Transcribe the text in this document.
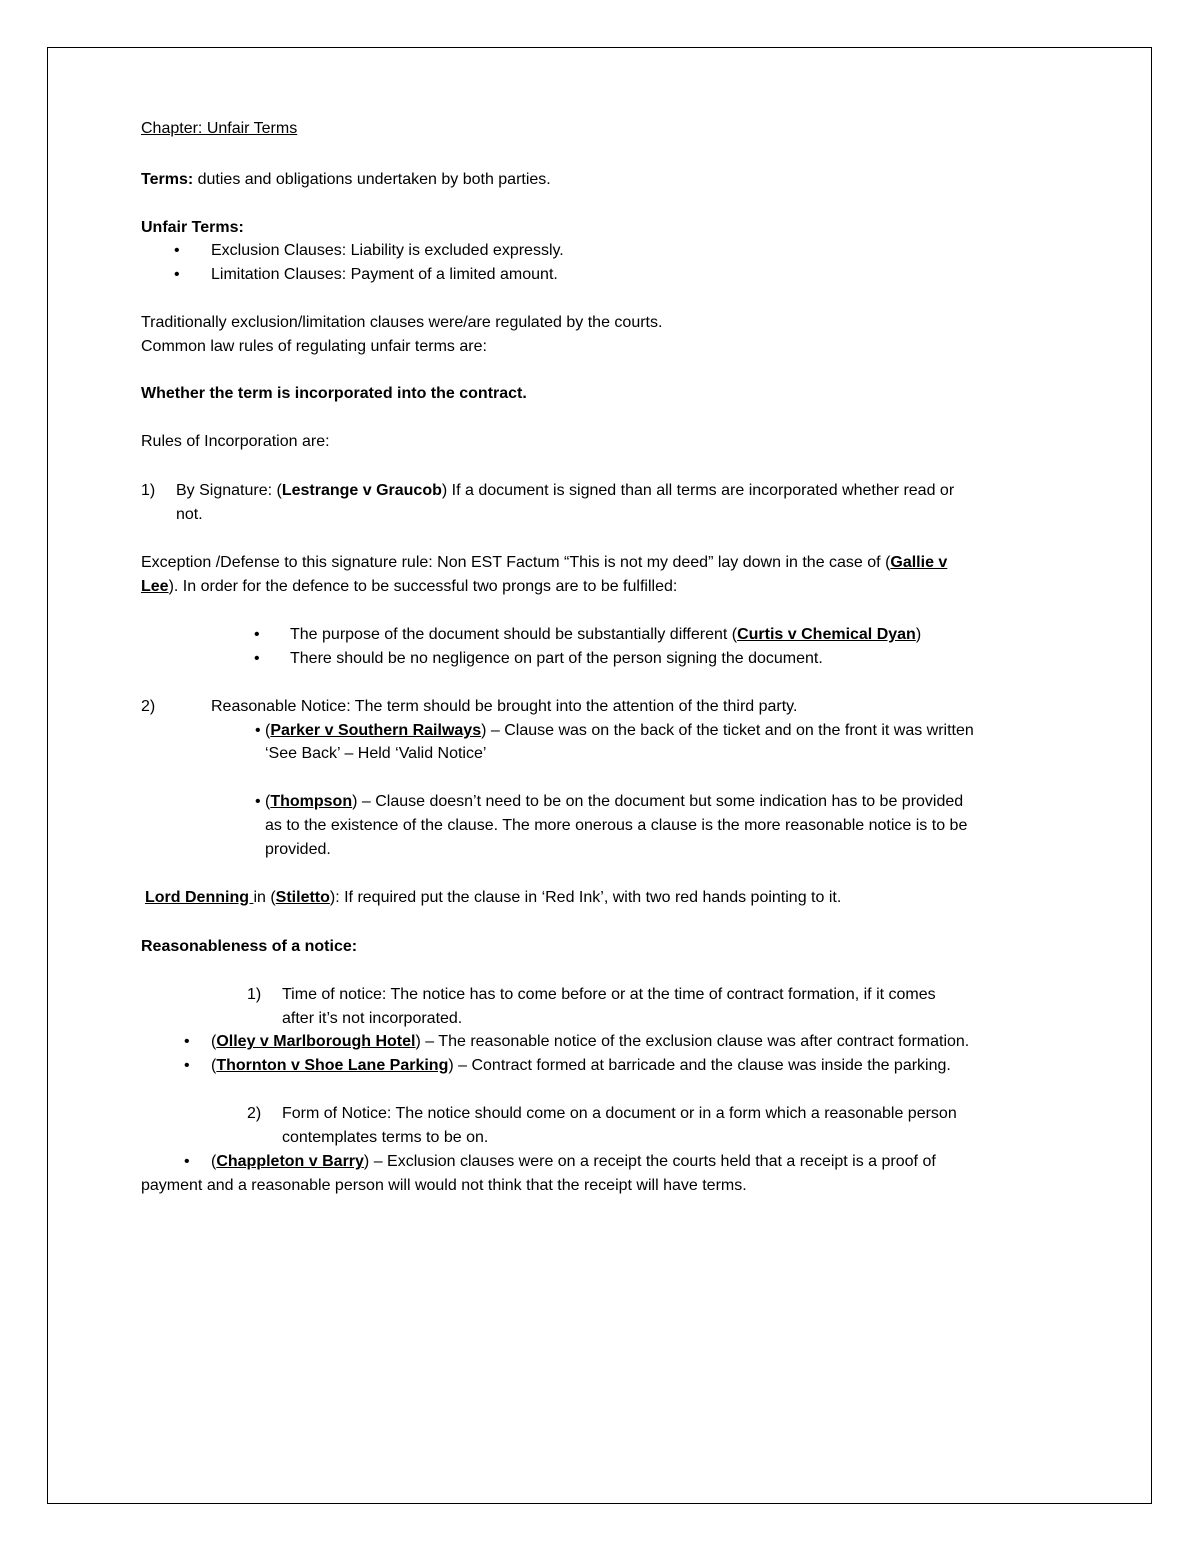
Chapter: Unfair Terms
Terms: duties and obligations undertaken by both parties.
Unfair Terms:
• Exclusion Clauses: Liability is excluded expressly.
• Limitation Clauses: Payment of a limited amount.
Traditionally exclusion/limitation clauses were/are regulated by the courts.
Common law rules of regulating unfair terms are:
Whether the term is incorporated into the contract.
Rules of Incorporation are:
1) By Signature: (Lestrange v Graucob) If a document is signed than all terms are incorporated whether read or
not.
Exception /Defense to this signature rule: Non EST Factum “This is not my deed” lay down in the case of (Gallie v
Lee). In order for the defence to be successful two prongs are to be fulfilled:
• The purpose of the document should be substantially different (Curtis v Chemical Dyan)
• There should be no negligence on part of the person signing the document.
2)	Reasonable Notice: The term should be brought into the attention of the third party.
• (Parker v Southern Railways) – Clause was on the back of the ticket and on the front it was written
‘See Back’ – Held ‘Valid Notice’
• (Thompson) – Clause doesn’t need to be on the document but some indication has to be provided
as to the existence of the clause. The more onerous a clause is the more reasonable notice is to be
provided.
Lord Denning in (Stiletto): If required put the clause in ‘Red Ink’, with two red hands pointing to it.
Reasonableness of a notice:
1) Time of notice: The notice has to come before or at the time of contract formation, if it comes
after it’s not incorporated.
• (Olley v Marlborough Hotel) – The reasonable notice of the exclusion clause was after contract formation.
• (Thornton v Shoe Lane Parking) – Contract formed at barricade and the clause was inside the parking.
2) Form of Notice: The notice should come on a document or in a form which a reasonable person
contemplates terms to be on.
• (Chappleton v Barry) – Exclusion clauses were on a receipt the courts held that a receipt is a proof of
payment and a reasonable person will would not think that the receipt will have terms.
